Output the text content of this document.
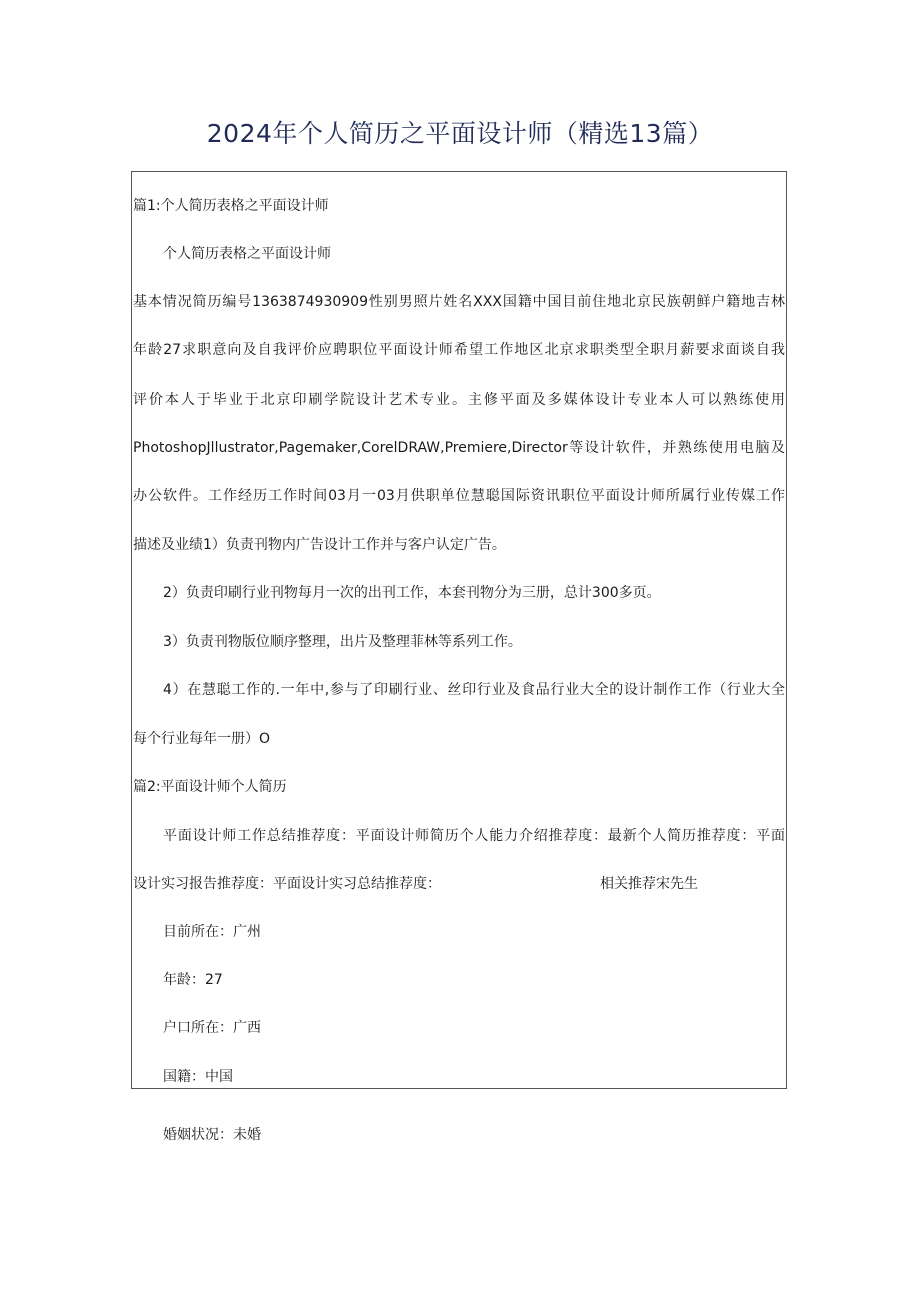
2024年个人简历之平面设计师（精选13篇）
篇1:个人简历表格之平面设计师
个人简历表格之平面设计师
基本情况简历编号1363874930909性别男照片姓名XXX国籍中国目前住地北京民族朝鲜户籍地吉林
年龄27求职意向及自我评价应聘职位平面设计师希望工作地区北京求职类型全职月薪要求面谈自我
评价本人于毕业于北京印刷学院设计艺术专业。主修平面及多媒体设计专业本人可以熟练使用
PhotoshopJllustrator,Pagemaker,CorelDRAW,Premiere,Director等设计软件，并熟练使用电脑及
办公软件。工作经历工作时间03月一03月供职单位慧聪国际资讯职位平面设计师所属行业传媒工作
描述及业绩1）负责刊物内广告设计工作并与客户认定广告。
2）负责印刷行业刊物每月一次的出刊工作，本套刊物分为三册，总计300多页。
3）负责刊物版位顺序整理，出片及整理菲林等系列工作。
4）在慧聪工作的.一年中,参与了印刷行业、丝印行业及食品行业大全的设计制作工作（行业大全
每个行业每年一册）O
篇2:平面设计师个人简历
平面设计师工作总结推荐度：平面设计师简历个人能力介绍推荐度：最新个人简历推荐度：平面
设计实习报告推荐度：平面设计实习总结推荐度：	相关推荐宋先生
目前所在：广州
年龄：27
户口所在：广西
国籍：中国
婚姻状况：未婚
